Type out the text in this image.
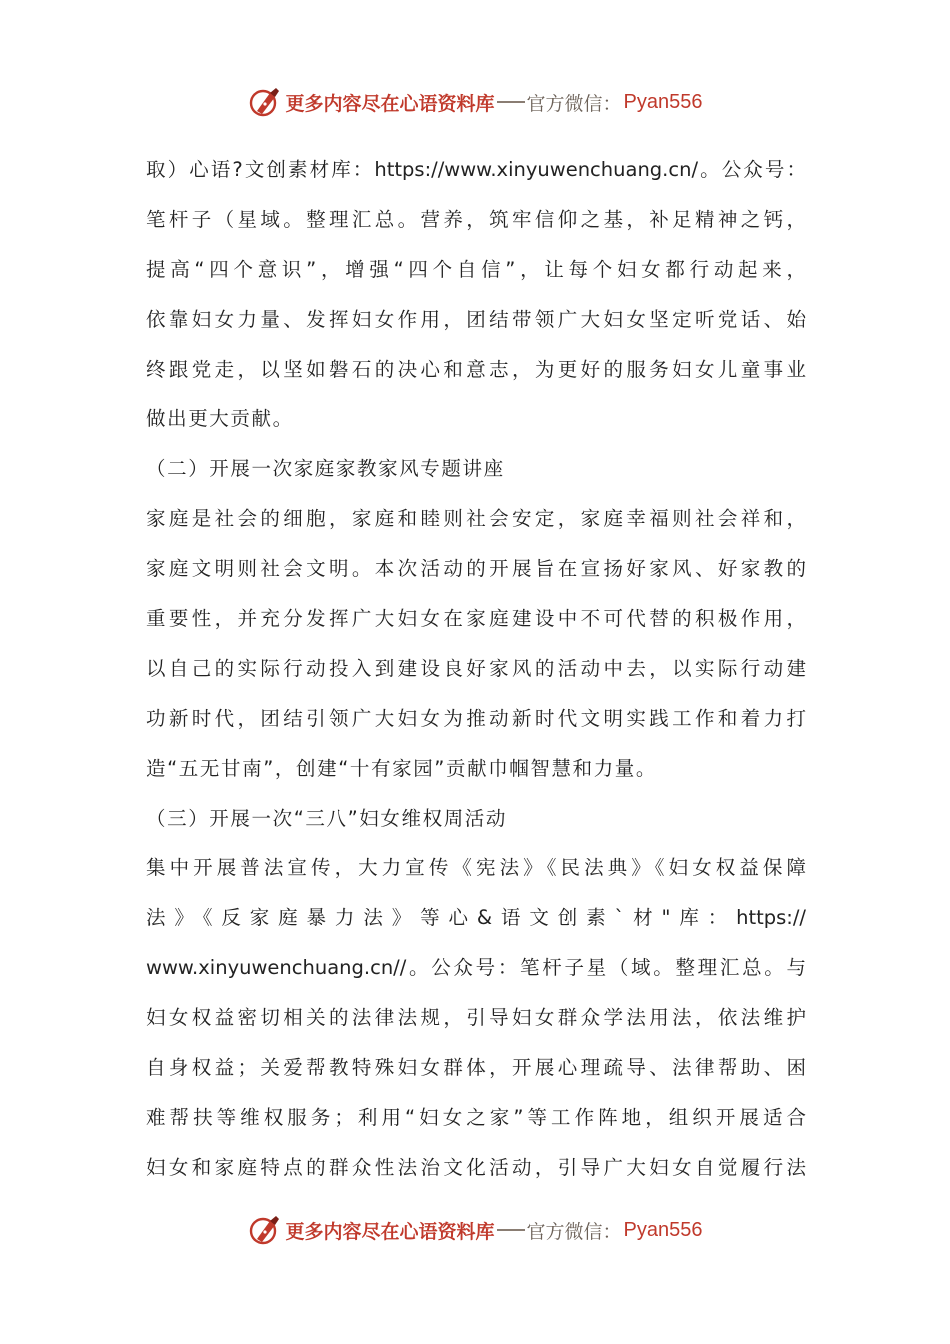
更多内容尽在心语资料库 官方微信： Pyan556
取）心语?文创素材库：https://www.xinyuwenchuang.cn/。公众号：
笔杆子（星域。整理汇总。营养，筑牢信仰之基，补足精神之钙，
提高“四个意识”，增强“四个自信”，让每个妇女都行动起来，
依靠妇女力量、发挥妇女作用，团结带领广大妇女坚定听党话、始
终跟党走，以坚如磐石的决心和意志，为更好的服务妇女儿童事业
做出更大贡献。
（二）开展一次家庭家教家风专题讲座
家庭是社会的细胞，家庭和睦则社会安定，家庭幸福则社会祥和，
家庭文明则社会文明。本次活动的开展旨在宣扬好家风、好家教的
重要性，并充分发挥广大妇女在家庭建设中不可代替的积极作用，
以自己的实际行动投入到建设良好家风的活动中去，以实际行动建
功新时代，团结引领广大妇女为推动新时代文明实践工作和着力打
造“五无甘南”，创建“十有家园”贡献巾帼智慧和力量。
（三）开展一次“三八”妇女维权周活动
集中开展普法宣传，大力宣传《宪法》《民法典》《妇女权益保障
法》《反家庭暴力法》等心&语文创素`材"库：https://
www.xinyuwenchuang.cn//。公众号：笔杆子星（域。整理汇总。与
妇女权益密切相关的法律法规，引导妇女群众学法用法，依法维护
自身权益；关爱帮教特殊妇女群体，开展心理疏导、法律帮助、困
难帮扶等维权服务；利用“妇女之家”等工作阵地，组织开展适合
妇女和家庭特点的群众性法治文化活动，引导广大妇女自觉履行法
更多内容尽在心语资料库 官方微信： Pyan556
